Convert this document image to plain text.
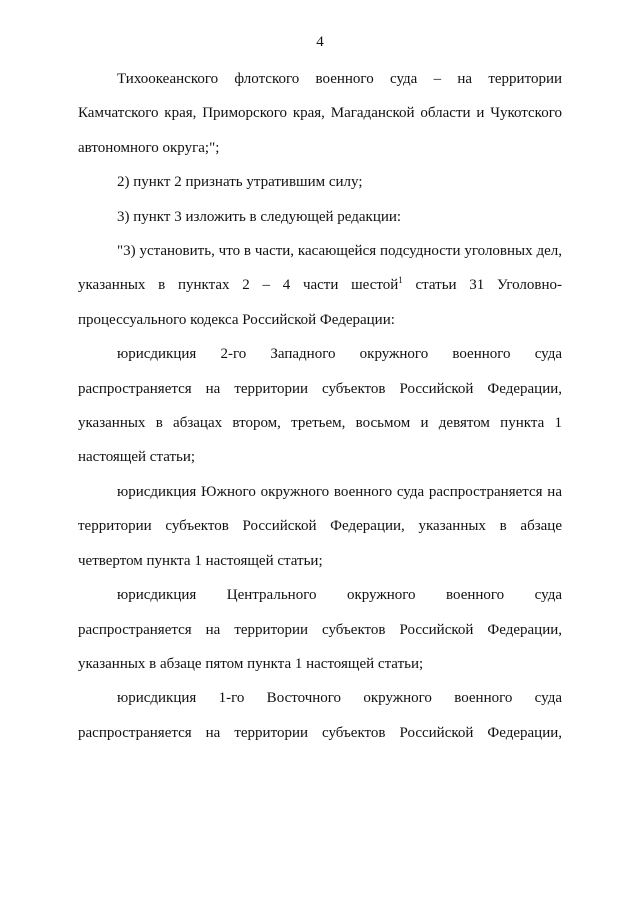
4

Тихоокеанского флотского военного суда – на территории Камчатского края, Приморского края, Магаданской области и Чукотского автономного округа;";

2) пункт 2 признать утратившим силу;

3) пункт 3 изложить в следующей редакции:

"3) установить, что в части, касающейся подсудности уголовных дел, указанных в пунктах 2 – 4 части шестой$^1$ статьи 31 Уголовно-процессуального кодекса Российской Федерации:

юрисдикция 2-го Западного окружного военного суда распространяется на территории субъектов Российской Федерации, указанных в абзацах втором, третьем, восьмом и девятом пункта 1 настоящей статьи;

юрисдикция Южного окружного военного суда распространяется на территории субъектов Российской Федерации, указанных в абзаце четвертом пункта 1 настоящей статьи;

юрисдикция Центрального окружного военного суда распространяется на территории субъектов Российской Федерации, указанных в абзаце пятом пункта 1 настоящей статьи;

юрисдикция 1-го Восточного окружного военного суда распространяется на территории субъектов Российской Федерации,
